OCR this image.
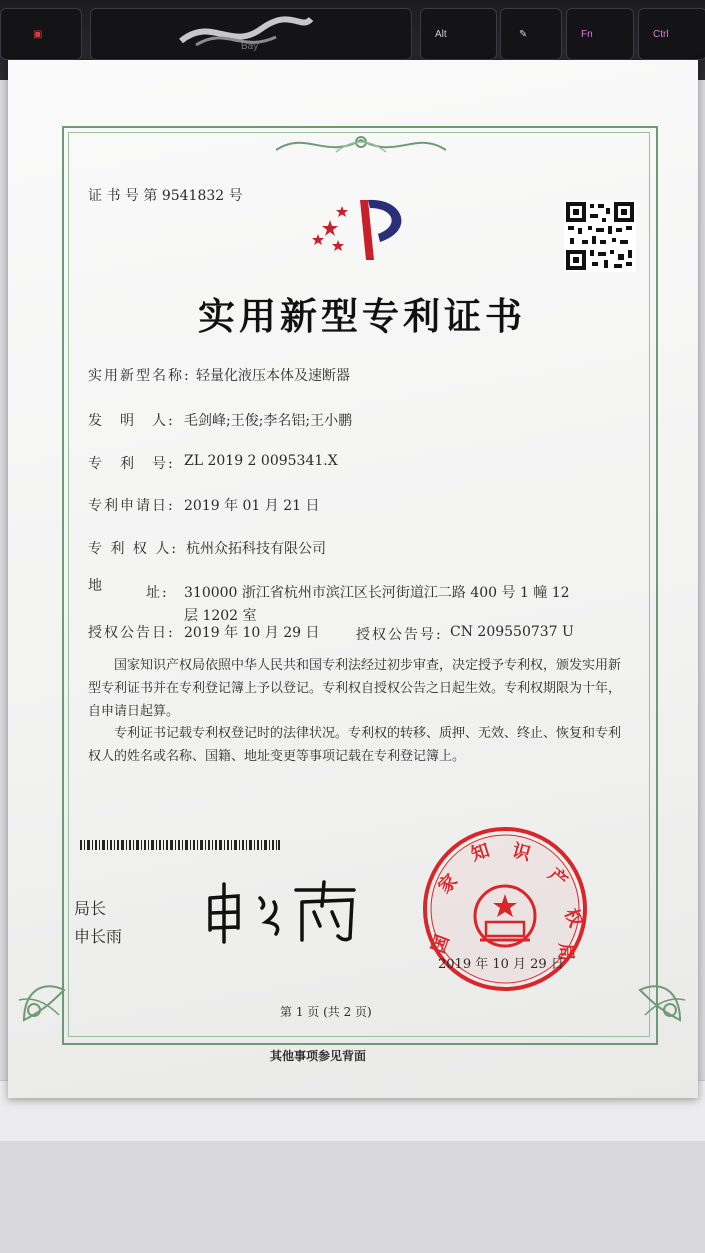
▣
Bay
Alt	✎	Fn	Ctrl
证 书 号 第 9541832 号
实用新型专利证书
实用新型名称: 轻量化液压本体及速断器
发　明　人: 毛剑峰;王俊;李名铝;王小鹏
专　利　号: ZL 2019 2 0095341.X
专利申请日: 2019 年 01 月 21 日
专 利 权 人: 杭州众拓科技有限公司
地	址: 310000 浙江省杭州市滨江区长河街道江二路 400 号 1 幢 12
层 1202 室
授权公告日: 2019 年 10 月 29 日	授权公告号: CN 209550737 U
国家知识产权局依照中华人民共和国专利法经过初步审查，决定授予专利权，颁发实用新型专利证书并在专利登记簿上予以登记。专利权自授权公告之日起生效。专利权期限为十年，自申请日起算。
专利证书记载专利权登记时的法律状况。专利权的转移、质押、无效、终止、恢复和专利权人的姓名或名称、国籍、地址变更等事项记载在专利登记簿上。
局长
申长雨	国
家
知 识
产
权
局
2019 年 10 月 29 日
第 1 页 (共 2 页)
其他事项参见背面
